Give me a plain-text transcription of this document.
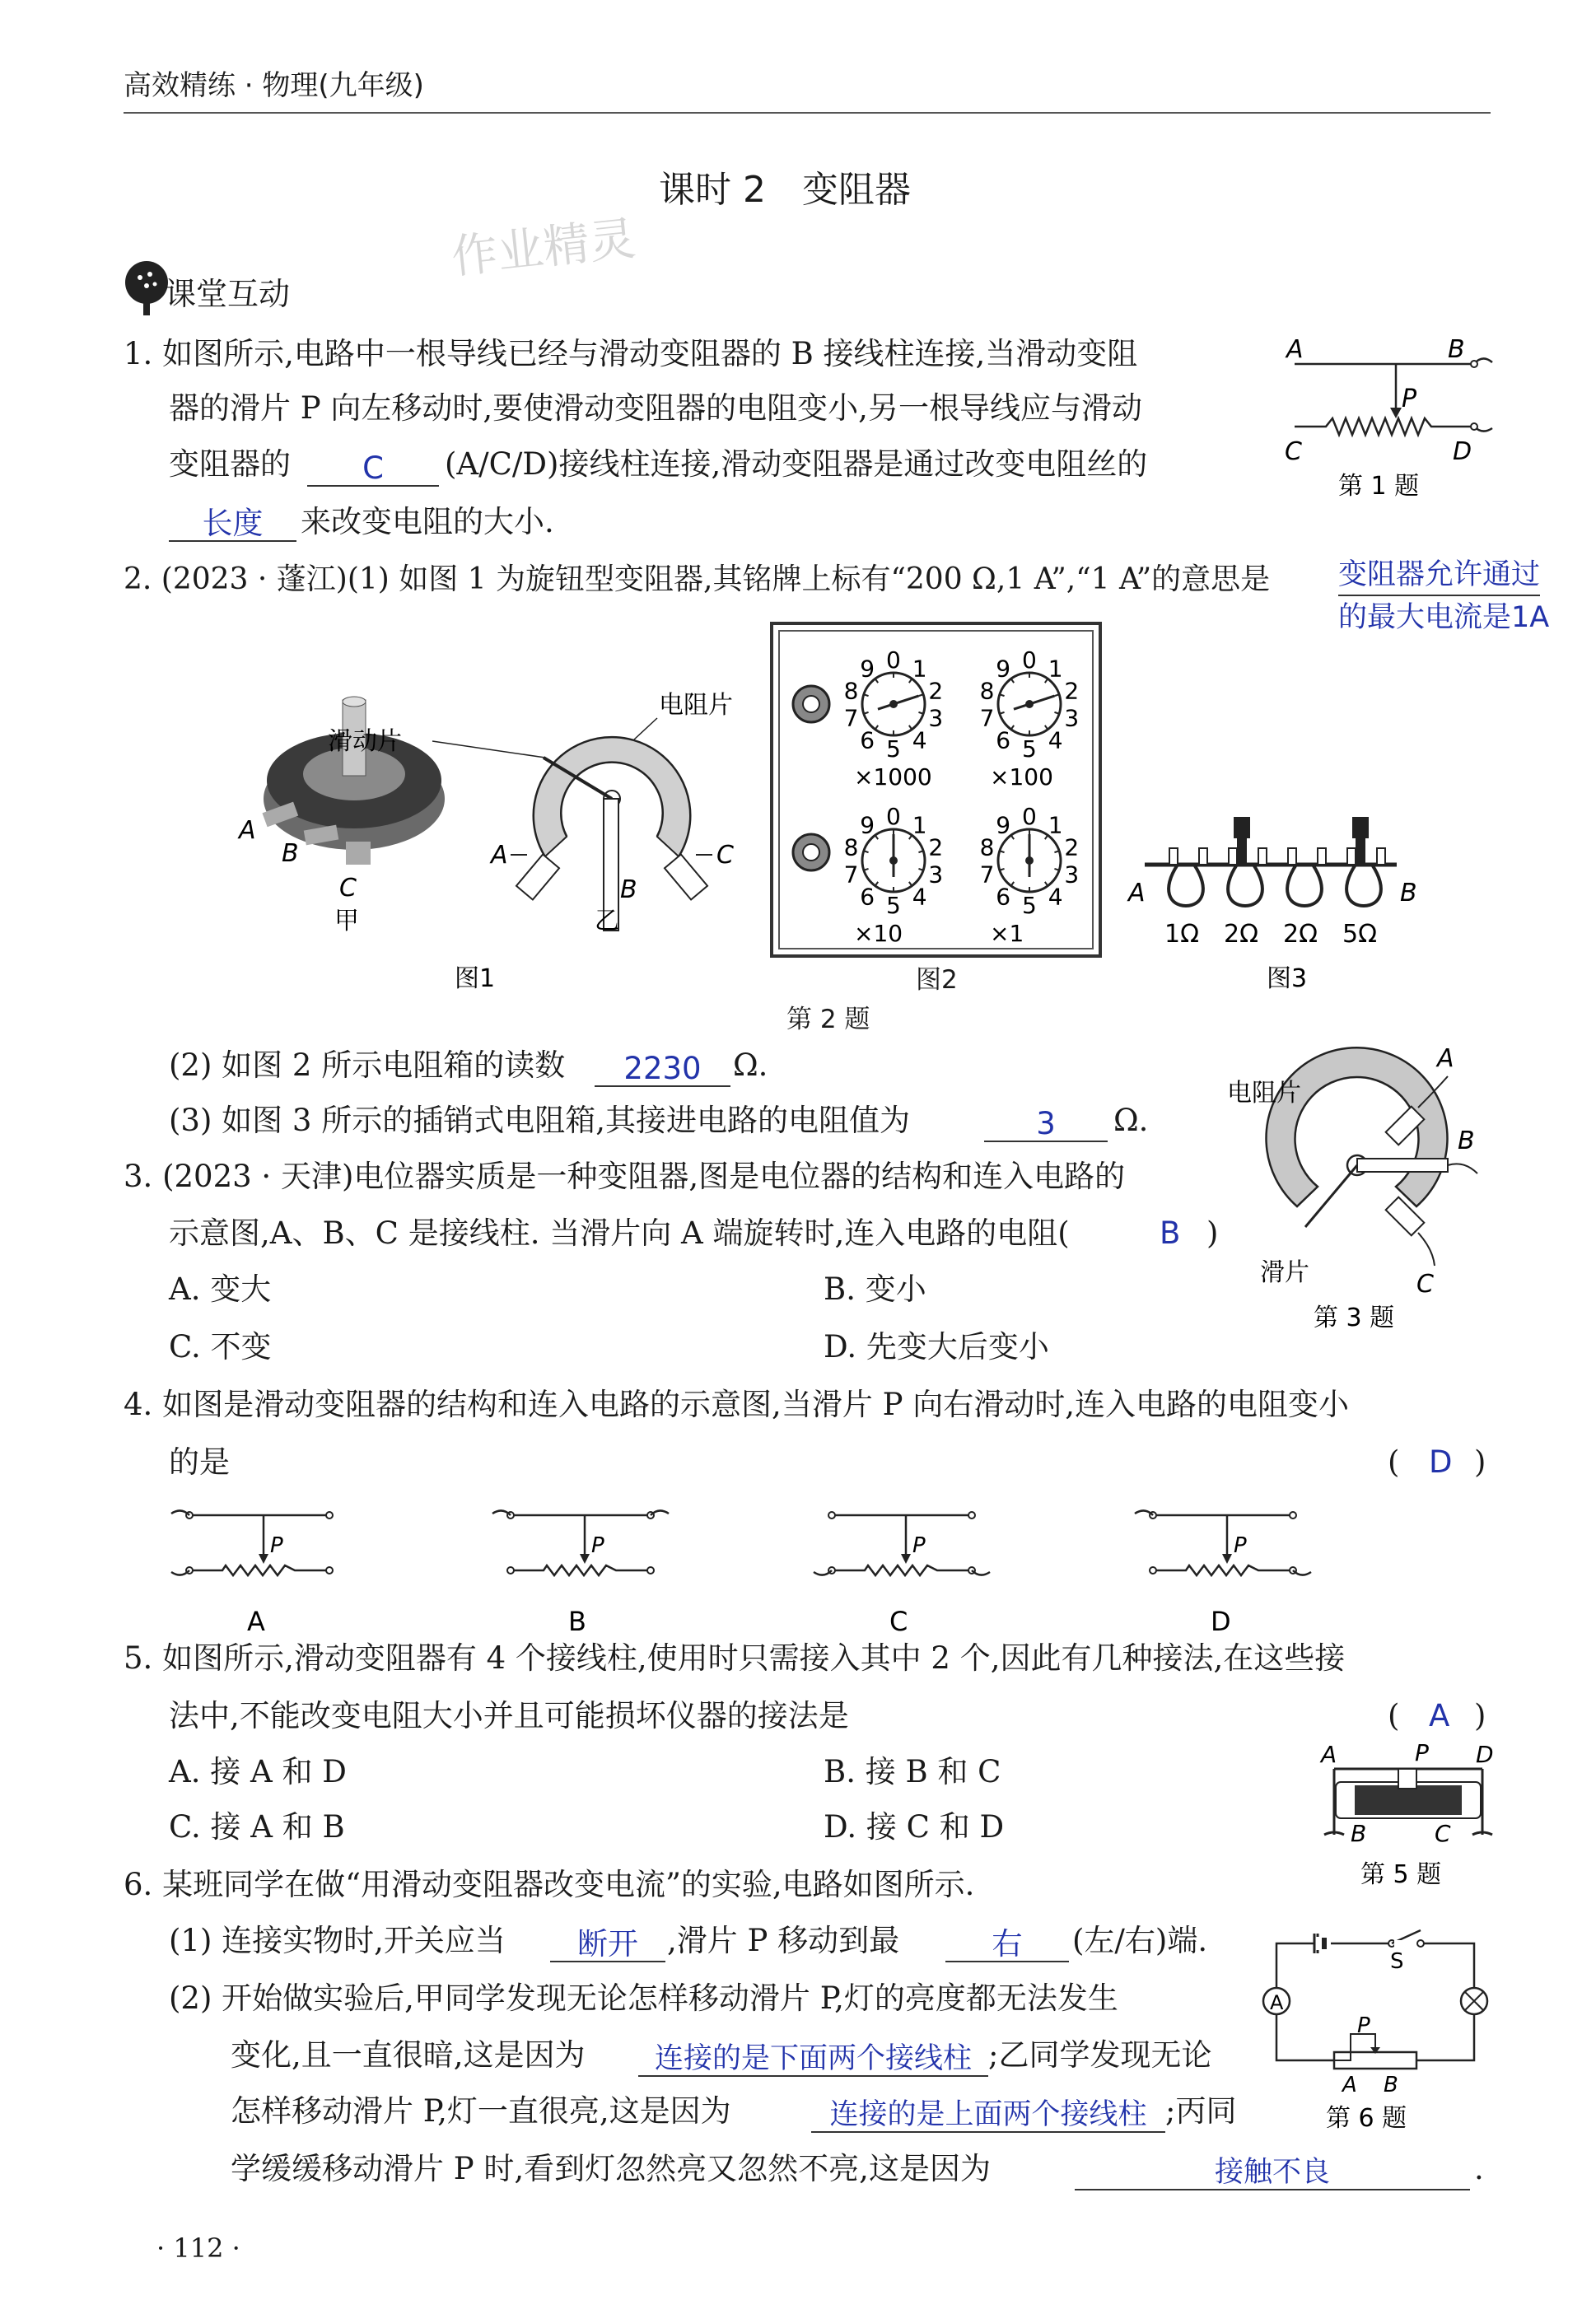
高效精练 · 物理(九年级)
课时 2　变阻器
作业精灵
课堂互动
1. 如图所示,电路中一根导线已经与滑动变阻器的 B 接线柱连接,当滑动变阻
器的滑片 P 向左移动时,要使滑动变阻器的电阻变小,另一根导线应与滑动
变阻器的	C	(A/C/D)接线柱连接,滑动变阻器是通过改变电阻丝的
长度	来改变电阻的大小.
A	B
P
C	D
第 1 题
2. (2023 · 蓬江)(1) 如图 1 为旋钮型变阻器,其铭牌上标有“200 Ω,1 A”,“1 A”的意思是 变阻器允许通过
的最大电流是1A
A
B
C
甲
滑动片
电阻片
A
B
C
乙
图1
0 1
2
3
4
5
6
7
8
9
×1000
0 1
2
3
4
5
6
7
8
9
×100
0 1
2
3
4
5
6
7
8
9
×10
0 1
2
3
4
5
6
7
8
9
×1
图2
A	B
1Ω 2Ω 2Ω 5Ω
图3
第 2 题
(2) 如图 2 所示电阻箱的读数	2230	Ω.
(3) 如图 3 所示的插销式电阻箱,其接进电路的电阻值为	3	Ω.
3. (2023 · 天津)电位器实质是一种变阻器,图是电位器的结构和连入电路的
示意图,A、B、C 是接线柱. 当滑片向 A 端旋转时,连入电路的电阻(	B )
A. 变大	B. 变小
C. 不变	D. 先变大后变小
电阻片
A
B
滑片	C
第 3 题
4. 如图是滑动变阻器的结构和连入电路的示意图,当滑片 P 向右滑动时,连入电路的电阻变小
的是	( D )
P
A
P
B
P
C
P
D
5. 如图所示,滑动变阻器有 4 个接线柱,使用时只需接入其中 2 个,因此有几种接法,在这些接
法中,不能改变电阻大小并且可能损坏仪器的接法是	( A )
A. 接 A 和 D	B. 接 B 和 C
C. 接 A 和 B	D. 接 C 和 D
A	P D
B	C
第 5 题
6. 某班同学在做“用滑动变阻器改变电流”的实验,电路如图所示.
(1) 连接实物时,开关应当	断开 ,滑片 P 移动到最	右	(左/右)端.
(2) 开始做实验后,甲同学发现无论怎样移动滑片 P,灯的亮度都无法发生
变化,且一直很暗,这是因为	连接的是下面两个接线柱 ;乙同学发现无论
怎样移动滑片 P,灯一直很亮,这是因为	连接的是上面两个接线柱 ;丙同
学缓缓移动滑片 P 时,看到灯忽然亮又忽然不亮,这是因为	接触不良	.
A
S
P
A B
第 6 题
· 112 ·
